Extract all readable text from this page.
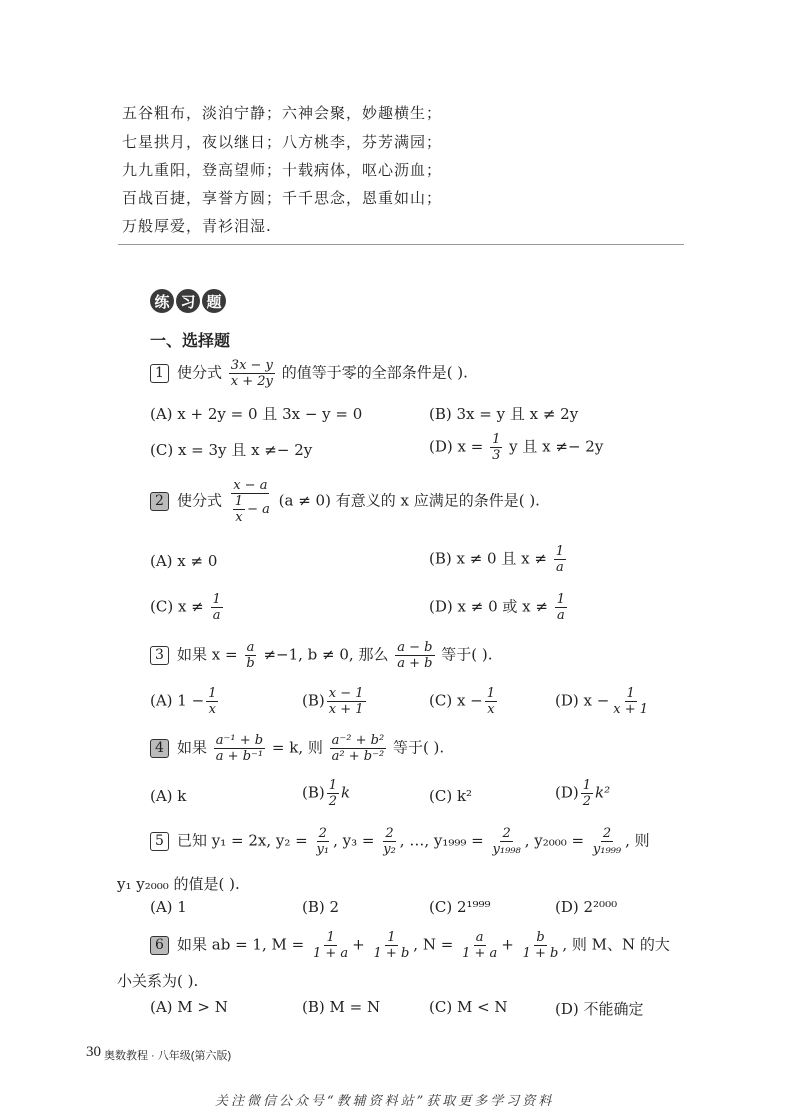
五谷粗布，淡泊宁静；六神会聚，妙趣横生；
七星拱月，夜以继日；八方桃李，芬芳满园；
九九重阳，登高望师；十载病体，呕心沥血；
百战百捷，享誉方圆；千千思念，恩重如山；
万般厚爱，青衫泪湿.
练 习 题
一、选择题
1 使分式 $\frac{3x - y}{x + 2y}$ 的值等于零的全部条件是( ).
(A) x + 2y = 0 且 3x − y = 0	(B) 3x = y 且 x ≠ 2y
(C) x = 3y 且 x ≠− 2y	(D) $x = \frac{1}{3}$ y 且 x ≠− 2y
2 使分式 $\frac{x - a}{\frac{1}{x} - a} (a \ne 0)$ 有意义的 x 应满足的条件是( ).
(A) x ≠ 0	(B) x ≠ 0 且 $x \ne \frac{1}{a}$
(C) $x \ne \frac{1}{a}$	(D) x ≠ 0 或 $x \ne \frac{1}{a}$
3 如果 $x = \frac{a}{b} \ne-1$, b ≠ 0, 那么 $\frac{a - b}{a + b}$ 等于( ).
(A) $1 - \frac{1}{x}$	$(B) \frac{x - 1}{x + 1}$	(C) $x - \frac{1}{x}$	(D) $x - \frac{1}{x + 1}$
4 如果 $\frac{\text{a⁻¹ + b}}{\text{a + b⁻¹}} = k$, 则 $\frac{\text{a⁻² + b²}}{\text{a² + b⁻²}}$ 等于( ).
(A) k	$(B) \frac{1}{2}$ k	(C) k²	$(D) \frac{1}{2} k^2$
5 已知 y₁ = 2x, $y_2 = \frac{2}{\text{y₁}}$ , $y_3 = \frac{2}{\text{y₂}}$ , …, $y_{1999} = \frac{2}{\text{y₁₉₉₈}}$ , $y_{2000} = \frac{2}{\text{y₁₉₉₉}}$ , 则
y₁ y₂₀₀₀ 的值是( ).
(A) 1	(B) 2	(C) 2¹⁹⁹⁹	(D) 2²⁰⁰⁰
6 如果 ab = 1, $M = \frac{1}{1 + a} + \frac{1}{1 + b}$ , $N = \frac{a}{1 + a} + \frac{b}{1 + b}$ , 则 M、N 的大
小关系为( ).
(A) M > N	(B) M = N	(C) M < N	(D) 不能确定
30 奥数教程 · 八年级(第六版)
关注微信公众号“教辅资料站”获取更多学习资料
